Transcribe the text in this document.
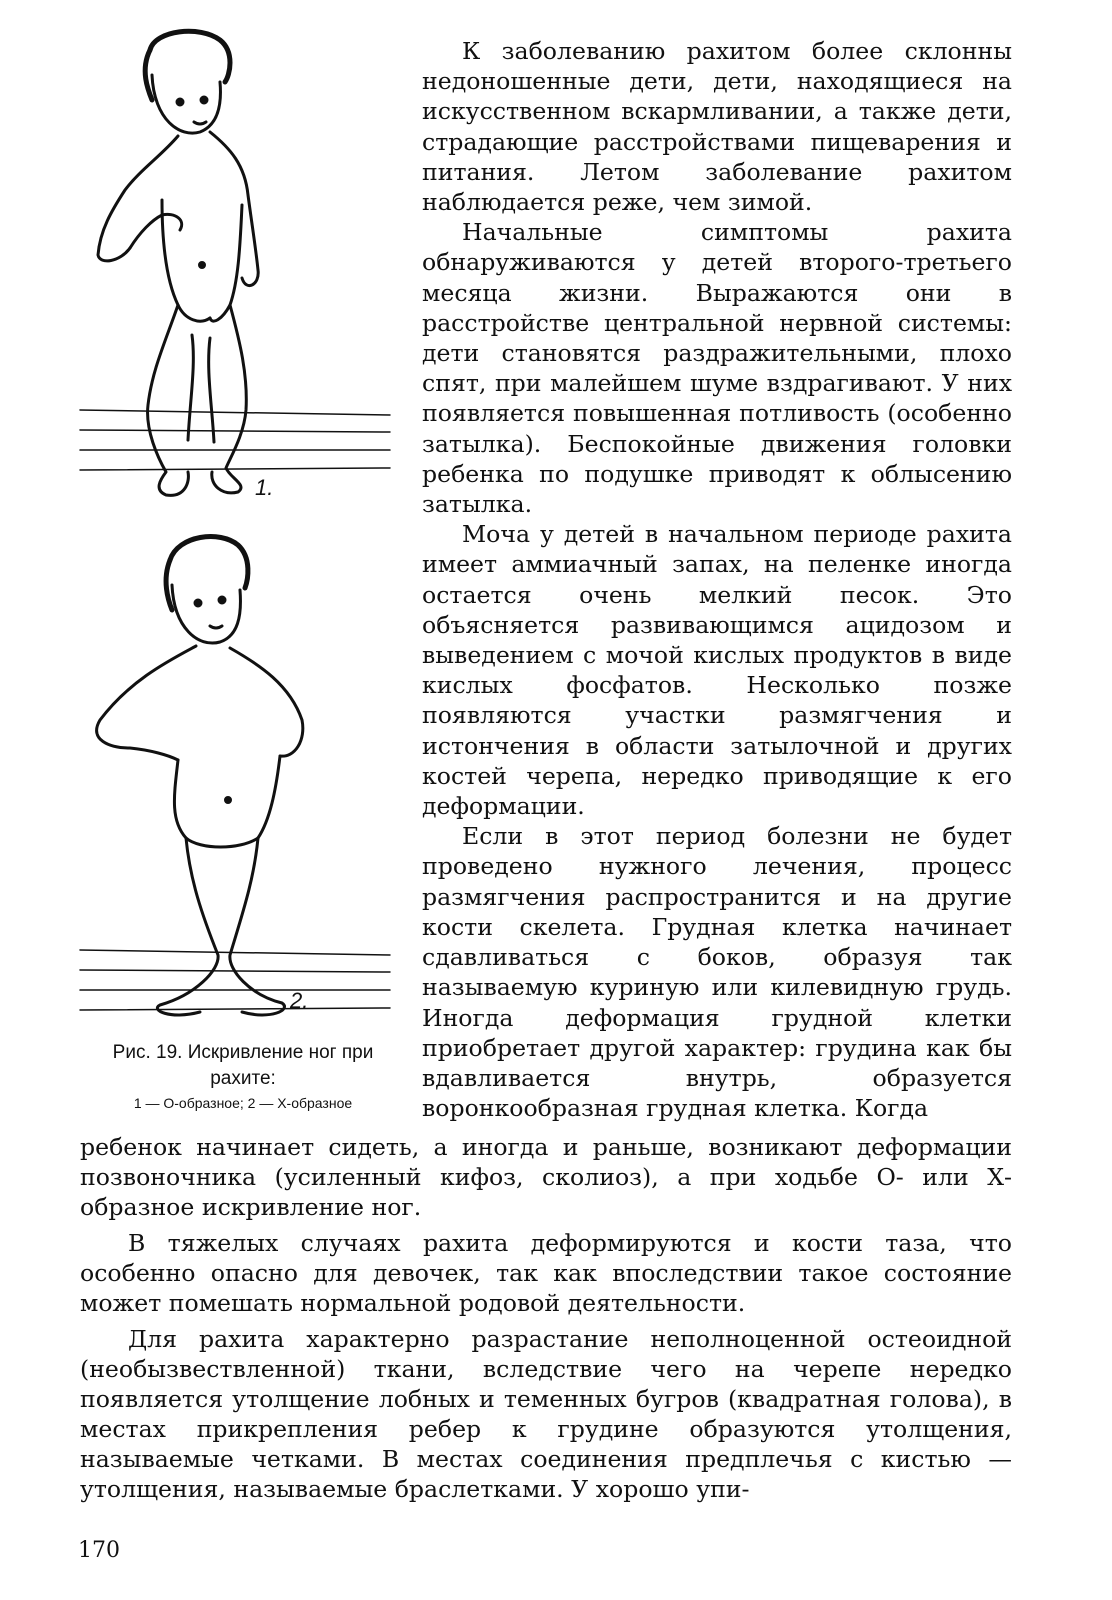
1.
2.
Рис. 19. Искривление ног при рахите:
1 — О-образное; 2 — Х-образное

К заболеванию рахитом более склонны недоношенные дети, дети, находящиеся на искусственном вскармливании, а также дети, страдающие расстройствами пищеварения и питания. Летом заболевание рахитом наблюдается реже, чем зимой.

Начальные симптомы рахита обнаруживаются у детей второго-третьего месяца жизни. Выражаются они в расстройстве центральной нервной системы: дети становятся раздражительными, плохо спят, при малейшем шуме вздрагивают. У них появляется повышенная потливость (особенно затылка). Беспокойные движения головки ребенка по подушке приводят к облысению затылка.

Моча у детей в начальном периоде рахита имеет аммиачный запах, на пеленке иногда остается очень мелкий песок. Это объясняется развивающимся ацидозом и выведением с мочой кислых продуктов в виде кислых фосфатов. Несколько позже появляются участки размягчения и истончения в области затылочной и других костей черепа, нередко приводящие к его деформации.

Если в этот период болезни не будет проведено нужного лечения, процесс размягчения распространится и на другие кости скелета. Грудная клетка начинает сдавливаться с боков, образуя так называемую куриную или килевидную грудь. Иногда деформация грудной клетки приобретает другой характер: грудина как бы вдавливается внутрь, образуется воронкообразная грудная клетка. Когда

ребенок начинает сидеть, а иногда и раньше, возникают деформации позвоночника (усиленный кифоз, сколиоз), а при ходьбе О- или Х-образное искривление ног.

В тяжелых случаях рахита деформируются и кости таза, что особенно опасно для девочек, так как впоследствии такое состояние может помешать нормальной родовой деятельности.

Для рахита характерно разрастание неполноценной остеоидной (необызвествленной) ткани, вследствие чего на черепе нередко появляется утолщение лобных и теменных бугров (квадратная голова), в местах прикрепления ребер к грудине образуются утолщения, называемые четками. В местах соединения предплечья с кистью — утолщения, называемые браслетками. У хорошо упи-

170
